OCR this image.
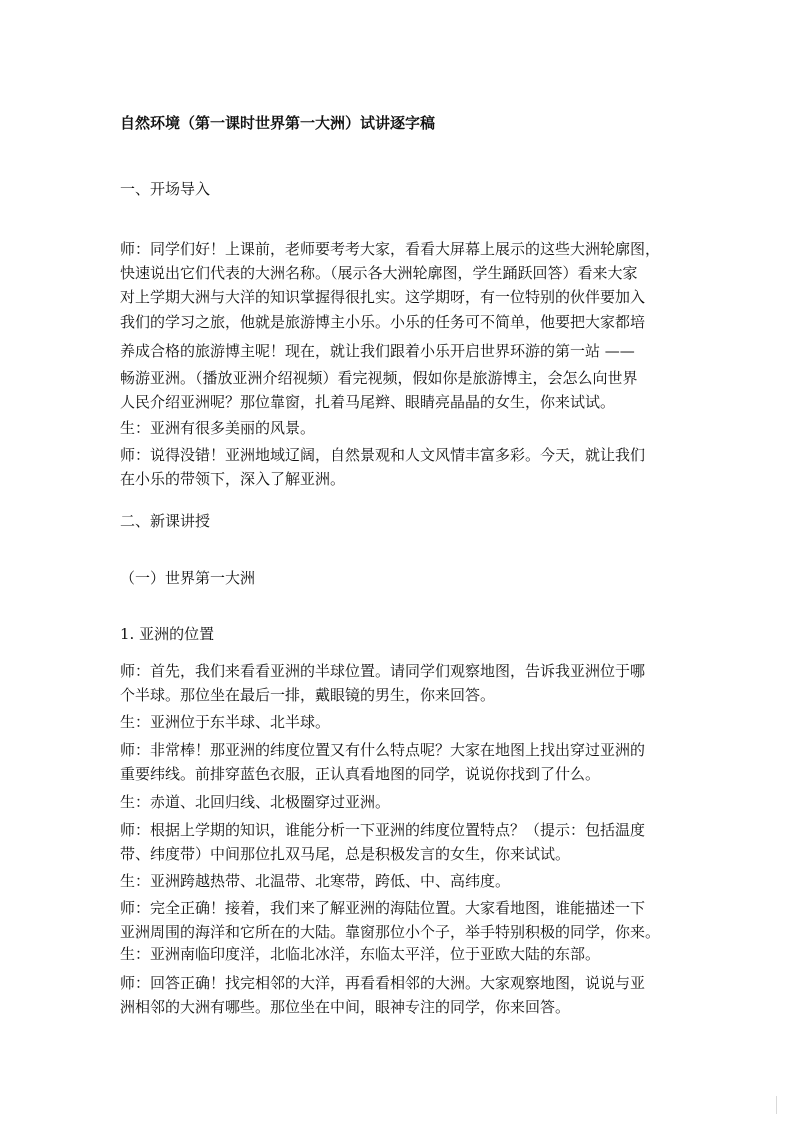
自然环境（第一课时世界第一大洲）试讲逐字稿
一、开场导入
师：同学们好！上课前，老师要考考大家，看看大屏幕上展示的这些大洲轮廓图，
快速说出它们代表的大洲名称。（展示各大洲轮廓图，学生踊跃回答）看来大家
对上学期大洲与大洋的知识掌握得很扎实。这学期呀，有一位特别的伙伴要加入
我们的学习之旅，他就是旅游博主小乐。小乐的任务可不简单，他要把大家都培
养成合格的旅游博主呢！现在，就让我们跟着小乐开启世界环游的第一站 ——
畅游亚洲。（播放亚洲介绍视频）看完视频，假如你是旅游博主，会怎么向世界
人民介绍亚洲呢？那位靠窗，扎着马尾辫、眼睛亮晶晶的女生，你来试试。
生：亚洲有很多美丽的风景。
师：说得没错！亚洲地域辽阔，自然景观和人文风情丰富多彩。今天，就让我们
在小乐的带领下，深入了解亚洲。
二、新课讲授
（一）世界第一大洲
1. 亚洲的位置
师：首先，我们来看看亚洲的半球位置。请同学们观察地图，告诉我亚洲位于哪
个半球。那位坐在最后一排，戴眼镜的男生，你来回答。
生：亚洲位于东半球、北半球。
师：非常棒！那亚洲的纬度位置又有什么特点呢？大家在地图上找出穿过亚洲的
重要纬线。前排穿蓝色衣服，正认真看地图的同学，说说你找到了什么。
生：赤道、北回归线、北极圈穿过亚洲。
师：根据上学期的知识，谁能分析一下亚洲的纬度位置特点？（提示：包括温度
带、纬度带）中间那位扎双马尾，总是积极发言的女生，你来试试。
生：亚洲跨越热带、北温带、北寒带，跨低、中、高纬度。
师：完全正确！接着，我们来了解亚洲的海陆位置。大家看地图，谁能描述一下
亚洲周围的海洋和它所在的大陆。靠窗那位小个子，举手特别积极的同学，你来。
生：亚洲南临印度洋，北临北冰洋，东临太平洋，位于亚欧大陆的东部。
师：回答正确！找完相邻的大洋，再看看相邻的大洲。大家观察地图，说说与亚
洲相邻的大洲有哪些。那位坐在中间，眼神专注的同学，你来回答。
